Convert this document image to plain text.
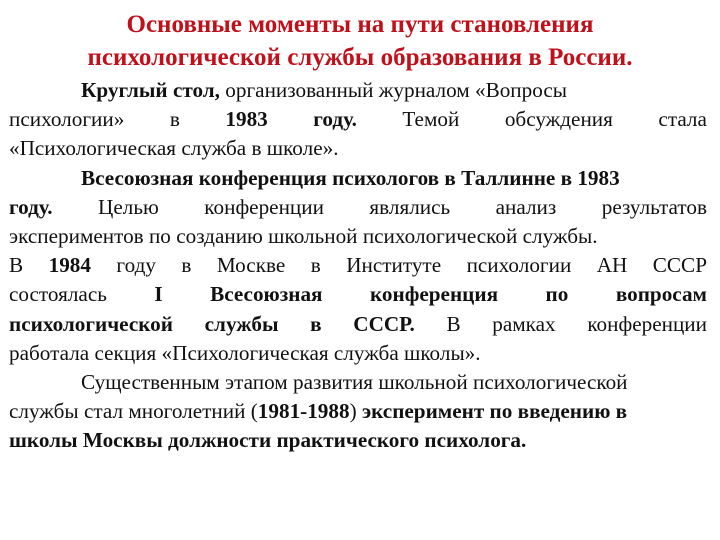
Основные моменты на пути становления
психологической службы образования в России.
Круглый стол, организованный журналом «Вопросы
психологии» в 1983 году. Темой обсуждения стала
«Психологическая служба в школе».
Всесоюзная конференция психологов в Таллинне в 1983
году. Целью конференции являлись анализ результатов
экспериментов по созданию школьной психологической службы.
В 1984 году в Москве в Институте психологии АН СССР
состоялась I Всесоюзная конференция по вопросам
психологической службы в СССР. В рамках конференции
работала секция «Психологическая служба школы».
Существенным этапом развития школьной психологической
службы стал многолетний (1981-1988) эксперимент по введению в
школы Москвы должности практического психолога.
